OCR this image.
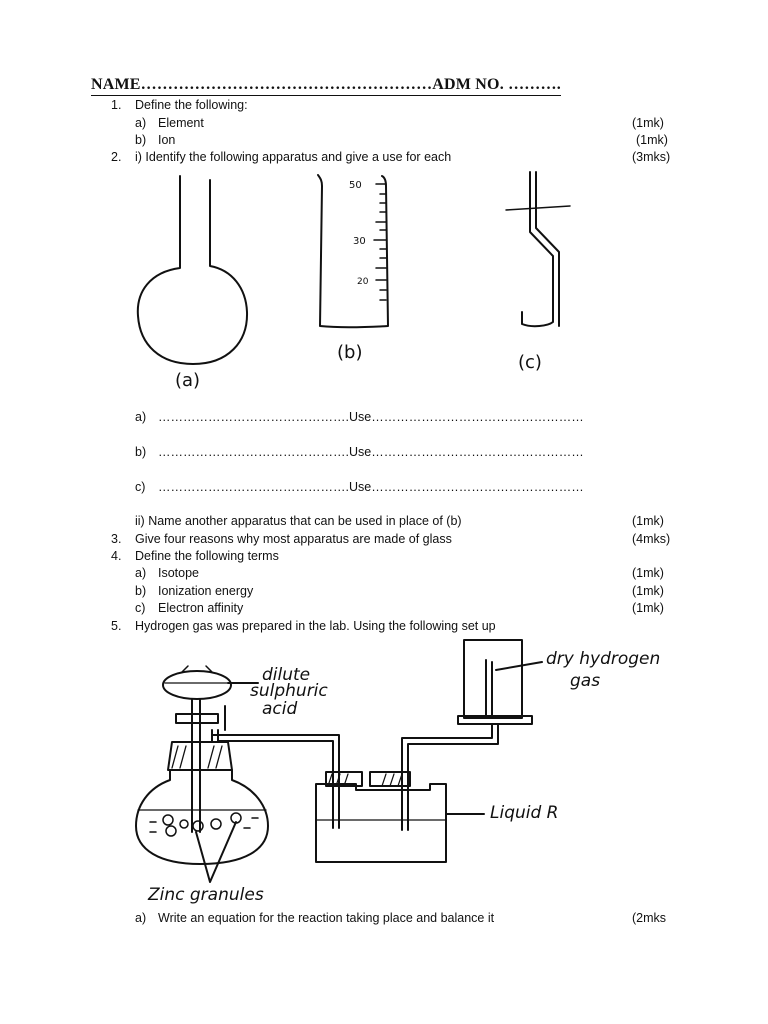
NAME………………………………………………ADM NO. ……….
1. Define the following:
a) Element	(1mk)
b) Ion	(1mk)
2. i) Identify the following apparatus and give a use for each	(3mks)
50
30
20
(a)
(b)	(c)
a) ……………………………………….Use……………………………………………
b) ……………………………………….Use……………………………………………
c) ……………………………………….Use……………………………………………
ii) Name another apparatus that can be used in place of (b)	(1mk)
3. Give four reasons why most apparatus are made of glass	(4mks)
4. Define the following terms
a) Isotope	(1mk)
b) Ionization energy	(1mk)
c) Electron affinity	(1mk)
5. Hydrogen gas was prepared in the lab. Using the following set up
dilute
sulphuric
acid
dry hydrogen
gas
Liquid R
Zinc granules
a) Write an equation for the reaction taking place and balance it	(2mks
